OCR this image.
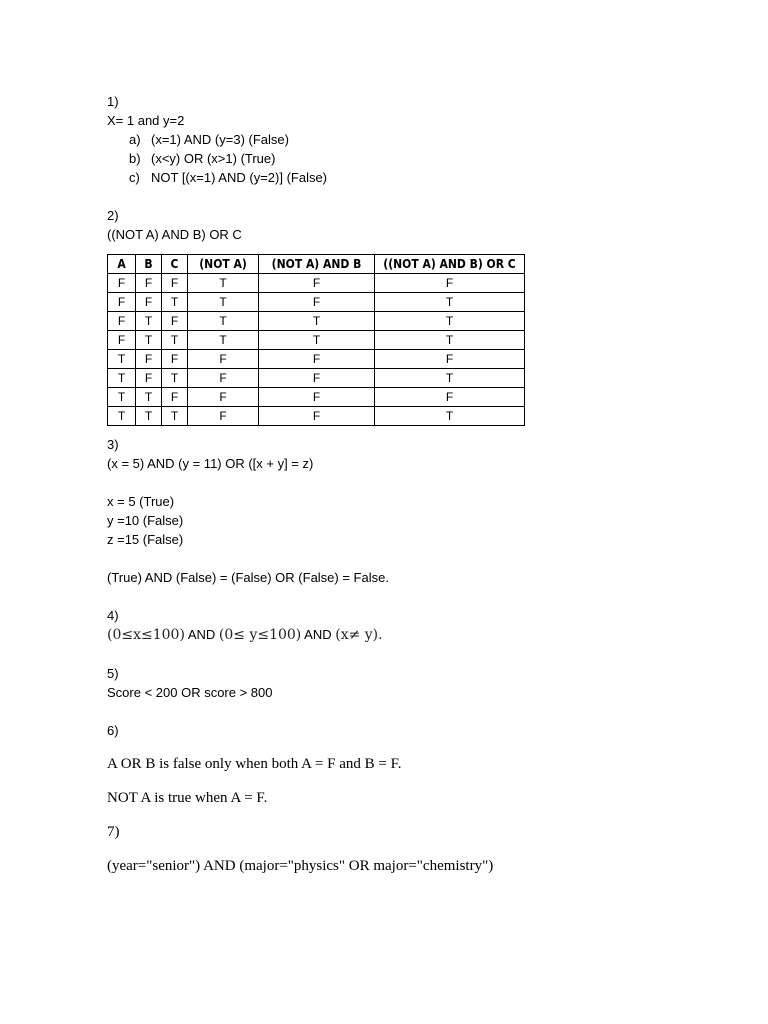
1)
X= 1 and y=2
a) (x=1) AND (y=3) (False)
b) (x<y) OR (x>1) (True)
c) NOT [(x=1) AND (y=2)] (False)
2)
((NOT A) AND B) OR C
A	B	C	(NOT A)	(NOT A) AND B	((NOT A) AND B) OR C
F	F	F	T	F	F
F	F	T	T	F	T
F	T	F	T	T	T
F	T	T	T	T	T
T	F	F	F	F	F
T	F	T	F	F	T
T	T	F	F	F	F
T	T	T	F	F	T
3)
(x = 5) AND (y = 11) OR ([x + y] = z)
x = 5 (True)
y =10 (False)
z =15 (False)
(True) AND (False) = (False) OR (False) = False.
4)
(0≤x≤100) AND (0≤ y≤100) AND (x≠ y).
5)
Score < 200 OR score > 800
6)
A OR B is false only when both A = F and B = F.
NOT A is true when A = F.
7)
(year="senior") AND (major="physics" OR major="chemistry")
